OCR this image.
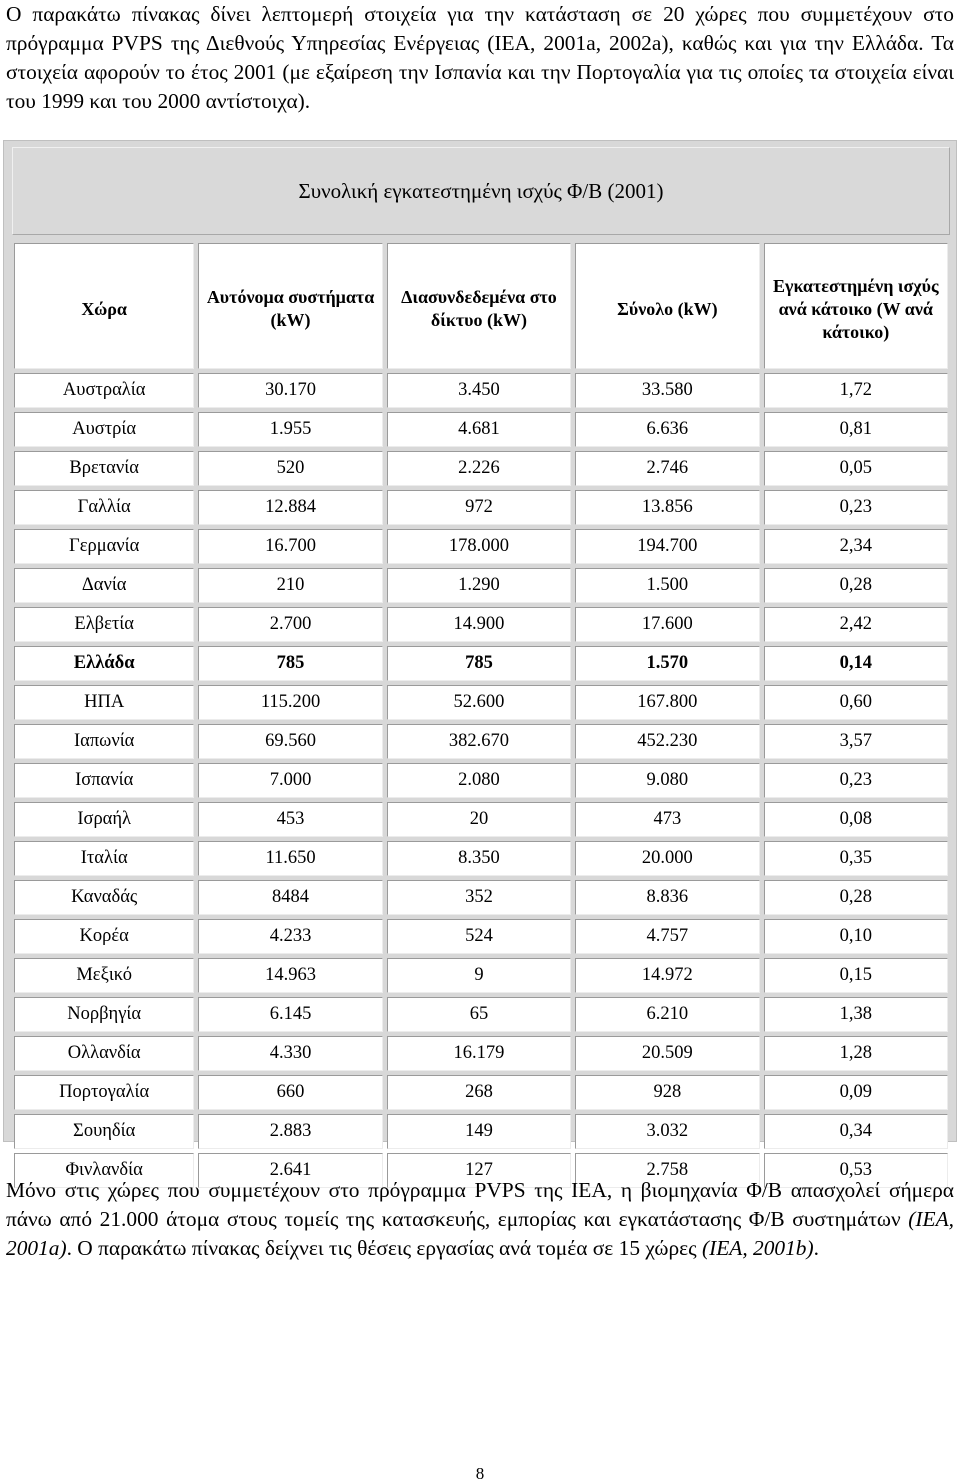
Ο παρακάτω πίνακας δίνει λεπτομερή στοιχεία για την κατάσταση σε 20 χώρες που συμμετέχουν στο πρόγραμμα PVPS της Διεθνούς Υπηρεσίας Ενέργειας (IEA, 2001a, 2002a), καθώς και για την Ελλάδα. Τα στοιχεία αφορούν το έτος 2001 (με εξαίρεση την Ισπανία και την Πορτογαλία για τις οποίες τα στοιχεία είναι του 1999 και του 2000 αντίστοιχα).

Συνολική εγκατεστημένη ισχύς Φ/Β (2001)
Χώρα	Αυτόνομα συστήματα (kW)	Διασυνδεδεμένα στο δίκτυο (kW)	Σύνολο (kW)	Εγκατεστημένη ισχύς ανά κάτοικο (W ανά κάτοικο)
Αυστραλία	30.170	3.450	33.580	1,72
Αυστρία	1.955	4.681	6.636	0,81
Βρετανία	520	2.226	2.746	0,05
Γαλλία	12.884	972	13.856	0,23
Γερμανία	16.700	178.000	194.700	2,34
Δανία	210	1.290	1.500	0,28
Ελβετία	2.700	14.900	17.600	2,42
Ελλάδα	785	785	1.570	0,14
ΗΠΑ	115.200	52.600	167.800	0,60
Ιαπωνία	69.560	382.670	452.230	3,57
Ισπανία	7.000	2.080	9.080	0,23
Ισραήλ	453	20	473	0,08
Ιταλία	11.650	8.350	20.000	0,35
Καναδάς	8484	352	8.836	0,28
Κορέα	4.233	524	4.757	0,10
Μεξικό	14.963	9	14.972	0,15
Νορβηγία	6.145	65	6.210	1,38
Ολλανδία	4.330	16.179	20.509	1,28
Πορτογαλία	660	268	928	0,09
Σουηδία	2.883	149	3.032	0,34
Φινλανδία	2.641	127	2.758	0,53

Μόνο στις χώρες που συμμετέχουν στο πρόγραμμα PVPS της IEA, η βιομηχανία Φ/Β απασχολεί σήμερα πάνω από 21.000 άτομα στους τομείς της κατασκευής, εμπορίας και εγκατάστασης Φ/Β συστημάτων (IEA, 2001a). Ο παρακάτω πίνακας δείχνει τις θέσεις εργασίας ανά τομέα σε 15 χώρες (IEA, 2001b).

8
